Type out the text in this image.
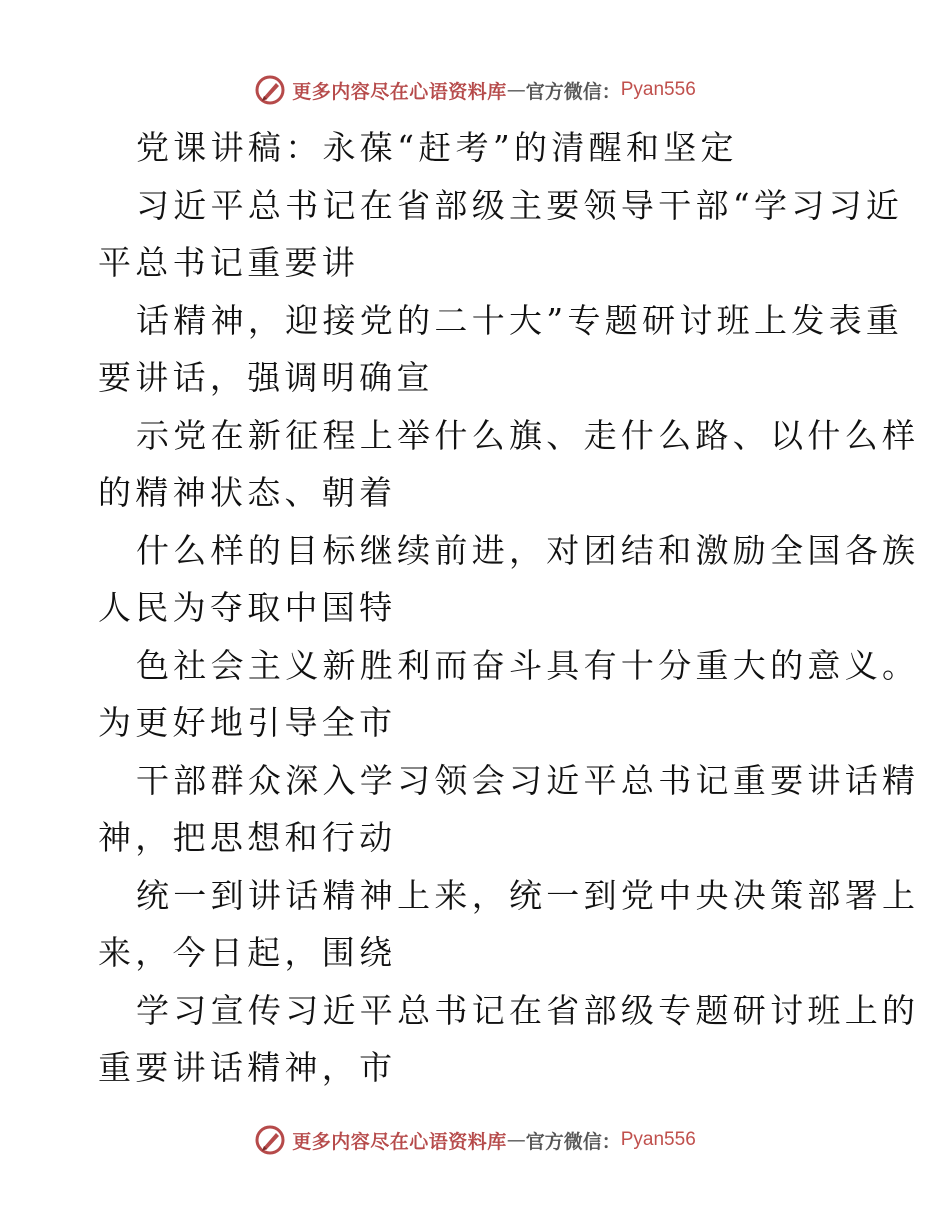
更多内容尽在心语资料库 — 官方微信： Pyan556
党课讲稿：永葆“赶考”的清醒和坚定
习近平总书记在省部级主要领导干部“学习习近
平总书记重要讲
话精神，迎接党的二十大”专题研讨班上发表重
要讲话，强调明确宣
示党在新征程上举什么旗、走什么路、以什么样
的精神状态、朝着
什么样的目标继续前进，对团结和激励全国各族
人民为夺取中国特
色社会主义新胜利而奋斗具有十分重大的意义。
为更好地引导全市
干部群众深入学习领会习近平总书记重要讲话精
神，把思想和行动
统一到讲话精神上来，统一到党中央决策部署上
来，今日起，围绕
学习宣传习近平总书记在省部级专题研讨班上的
重要讲话精神，市
更多内容尽在心语资料库 — 官方微信： Pyan556
